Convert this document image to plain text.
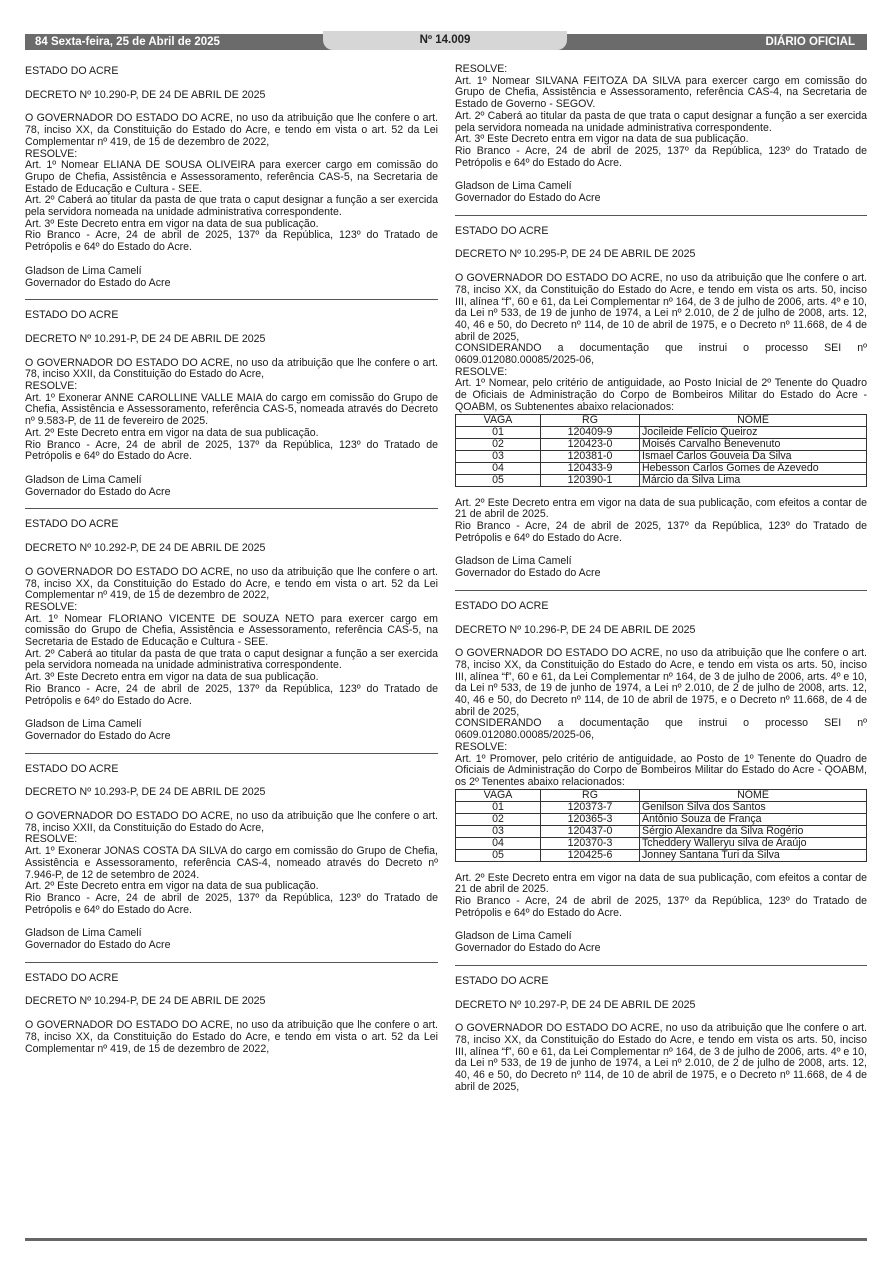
84 Sexta-feira, 25 de Abril de 2025	Nº 14.009	DIÁRIO OFICIAL

ESTADO DO ACRE

DECRETO Nº 10.290-P, DE 24 DE ABRIL DE 2025

O GOVERNADOR DO ESTADO DO ACRE, no uso da atribuição que lhe confere o art. 78, inciso XX, da Constituição do Estado do Acre, e tendo em vista o art. 52 da Lei Complementar nº 419, de 15 de dezembro de 2022,

RESOLVE:

Art. 1º Nomear ELIANA DE SOUSA OLIVEIRA para exercer cargo em comissão do Grupo de Chefia, Assistência e Assessoramento, referência CAS-5, na Secretaria de Estado de Educação e Cultura - SEE.

Art. 2º Caberá ao titular da pasta de que trata o caput designar a função a ser exercida pela servidora nomeada na unidade administrativa correspondente.

Art. 3º Este Decreto entra em vigor na data de sua publicação.

Rio Branco - Acre, 24 de abril de 2025, 137º da República, 123º do Tratado de Petrópolis e 64º do Estado do Acre.

Gladson de Lima Camelí

Governador do Estado do Acre

ESTADO DO ACRE

DECRETO Nº 10.291-P, DE 24 DE ABRIL DE 2025

O GOVERNADOR DO ESTADO DO ACRE, no uso da atribuição que lhe confere o art. 78, inciso XXII, da Constituição do Estado do Acre,

RESOLVE:

Art. 1º Exonerar ANNE CAROLLINE VALLE MAIA do cargo em comissão do Grupo de Chefia, Assistência e Assessoramento, referência CAS-5, nomeada através do Decreto nº 9.583-P, de 11 de fevereiro de 2025.

Art. 2º Este Decreto entra em vigor na data de sua publicação.

Rio Branco - Acre, 24 de abril de 2025, 137º da República, 123º do Tratado de Petrópolis e 64º do Estado do Acre.

Gladson de Lima Camelí

Governador do Estado do Acre

ESTADO DO ACRE

DECRETO Nº 10.292-P, DE 24 DE ABRIL DE 2025

O GOVERNADOR DO ESTADO DO ACRE, no uso da atribuição que lhe confere o art. 78, inciso XX, da Constituição do Estado do Acre, e tendo em vista o art. 52 da Lei Complementar nº 419, de 15 de dezembro de 2022,

RESOLVE:

Art. 1º Nomear FLORIANO VICENTE DE SOUZA NETO para exercer cargo em comissão do Grupo de Chefia, Assistência e Assessoramento, referência CAS-5, na Secretaria de Estado de Educação e Cultura - SEE.

Art. 2º Caberá ao titular da pasta de que trata o caput designar a função a ser exercida pela servidora nomeada na unidade administrativa correspondente.

Art. 3º Este Decreto entra em vigor na data de sua publicação.

Rio Branco - Acre, 24 de abril de 2025, 137º da República, 123º do Tratado de Petrópolis e 64º do Estado do Acre.

Gladson de Lima Camelí

Governador do Estado do Acre

ESTADO DO ACRE

DECRETO Nº 10.293-P, DE 24 DE ABRIL DE 2025

O GOVERNADOR DO ESTADO DO ACRE, no uso da atribuição que lhe confere o art. 78, inciso XXII, da Constituição do Estado do Acre,

RESOLVE:

Art. 1º Exonerar JONAS COSTA DA SILVA do cargo em comissão do Grupo de Chefia, Assistência e Assessoramento, referência CAS-4, nomeado através do Decreto nº 7.946-P, de 12 de setembro de 2024.

Art. 2º Este Decreto entra em vigor na data de sua publicação.

Rio Branco - Acre, 24 de abril de 2025, 137º da República, 123º do Tratado de Petrópolis e 64º do Estado do Acre.

Gladson de Lima Camelí

Governador do Estado do Acre

ESTADO DO ACRE

DECRETO Nº 10.294-P, DE 24 DE ABRIL DE 2025

O GOVERNADOR DO ESTADO DO ACRE, no uso da atribuição que lhe confere o art. 78, inciso XX, da Constituição do Estado do Acre, e tendo em vista o art. 52 da Lei Complementar nº 419, de 15 de dezembro de 2022,

RESOLVE:

Art. 1º Nomear SILVANA FEITOZA DA SILVA para exercer cargo em comissão do Grupo de Chefia, Assistência e Assessoramento, referência CAS-4, na Secretaria de Estado de Governo - SEGOV.

Art. 2º Caberá ao titular da pasta de que trata o caput designar a função a ser exercida pela servidora nomeada na unidade administrativa correspondente.

Art. 3º Este Decreto entra em vigor na data de sua publicação.

Rio Branco - Acre, 24 de abril de 2025, 137º da República, 123º do Tratado de Petrópolis e 64º do Estado do Acre.

Gladson de Lima Camelí

Governador do Estado do Acre

ESTADO DO ACRE

DECRETO Nº 10.295-P, DE 24 DE ABRIL DE 2025

O GOVERNADOR DO ESTADO DO ACRE, no uso da atribuição que lhe confere o art. 78, inciso XX, da Constituição do Estado do Acre, e tendo em vista os arts. 50, inciso III, alínea “f”, 60 e 61, da Lei Complementar nº 164, de 3 de julho de 2006, arts. 4º e 10, da Lei nº 533, de 19 de junho de 1974, a Lei nº 2.010, de 2 de julho de 2008, arts. 12, 40, 46 e 50, do Decreto nº 114, de 10 de abril de 1975, e o Decreto nº 11.668, de 4 de abril de 2025,

CONSIDERANDO a documentação que instrui o processo SEI nº 0609.012080.00085/2025-06,

RESOLVE:

Art. 1º Nomear, pelo critério de antiguidade, ao Posto Inicial de 2º Tenente do Quadro de Oficiais de Administração do Corpo de Bombeiros Militar do Estado do Acre - QOABM, os Subtenentes abaixo relacionados:

VAGA	RG	NOME
01	120409-9	Jocileide Felício Queiroz
02	120423-0	Moisés Carvalho Benevenuto
03	120381-0	Ismael Carlos Gouveia Da Silva
04	120433-9	Hebesson Carlos Gomes de Azevedo
05	120390-1	Márcio da Silva Lima

Art. 2º Este Decreto entra em vigor na data de sua publicação, com efeitos a contar de 21 de abril de 2025.

Rio Branco - Acre, 24 de abril de 2025, 137º da República, 123º do Tratado de Petrópolis e 64º do Estado do Acre.

Gladson de Lima Camelí

Governador do Estado do Acre

ESTADO DO ACRE

DECRETO Nº 10.296-P, DE 24 DE ABRIL DE 2025

O GOVERNADOR DO ESTADO DO ACRE, no uso da atribuição que lhe confere o art. 78, inciso XX, da Constituição do Estado do Acre, e tendo em vista os arts. 50, inciso III, alínea “f”, 60 e 61, da Lei Complementar nº 164, de 3 de julho de 2006, arts. 4º e 10, da Lei nº 533, de 19 de junho de 1974, a Lei nº 2.010, de 2 de julho de 2008, arts. 12, 40, 46 e 50, do Decreto nº 114, de 10 de abril de 1975, e o Decreto nº 11.668, de 4 de abril de 2025,

CONSIDERANDO a documentação que instrui o processo SEI nº 0609.012080.00085/2025-06,

RESOLVE:

Art. 1º Promover, pelo critério de antiguidade, ao Posto de 1º Tenente do Quadro de Oficiais de Administração do Corpo de Bombeiros Militar do Estado do Acre - QOABM, os 2º Tenentes abaixo relacionados:

VAGA	RG	NOME
01	120373-7	Genilson Silva dos Santos
02	120365-3	Antônio Souza de França
03	120437-0	Sérgio Alexandre da Silva Rogério
04	120370-3	Tcheddery Walleryu silva de Araújo
05	120425-6	Jonney Santana Turi da Silva

Art. 2º Este Decreto entra em vigor na data de sua publicação, com efeitos a contar de 21 de abril de 2025.

Rio Branco - Acre, 24 de abril de 2025, 137º da República, 123º do Tratado de Petrópolis e 64º do Estado do Acre.

Gladson de Lima Camelí

Governador do Estado do Acre

ESTADO DO ACRE

DECRETO Nº 10.297-P, DE 24 DE ABRIL DE 2025

O GOVERNADOR DO ESTADO DO ACRE, no uso da atribuição que lhe confere o art. 78, inciso XX, da Constituição do Estado do Acre, e tendo em vista os arts. 50, inciso III, alínea “f”, 60 e 61, da Lei Complementar nº 164, de 3 de julho de 2006, arts. 4º e 10, da Lei nº 533, de 19 de junho de 1974, a Lei nº 2.010, de 2 de julho de 2008, arts. 12, 40, 46 e 50, do Decreto nº 114, de 10 de abril de 1975, e o Decreto nº 11.668, de 4 de abril de 2025,
